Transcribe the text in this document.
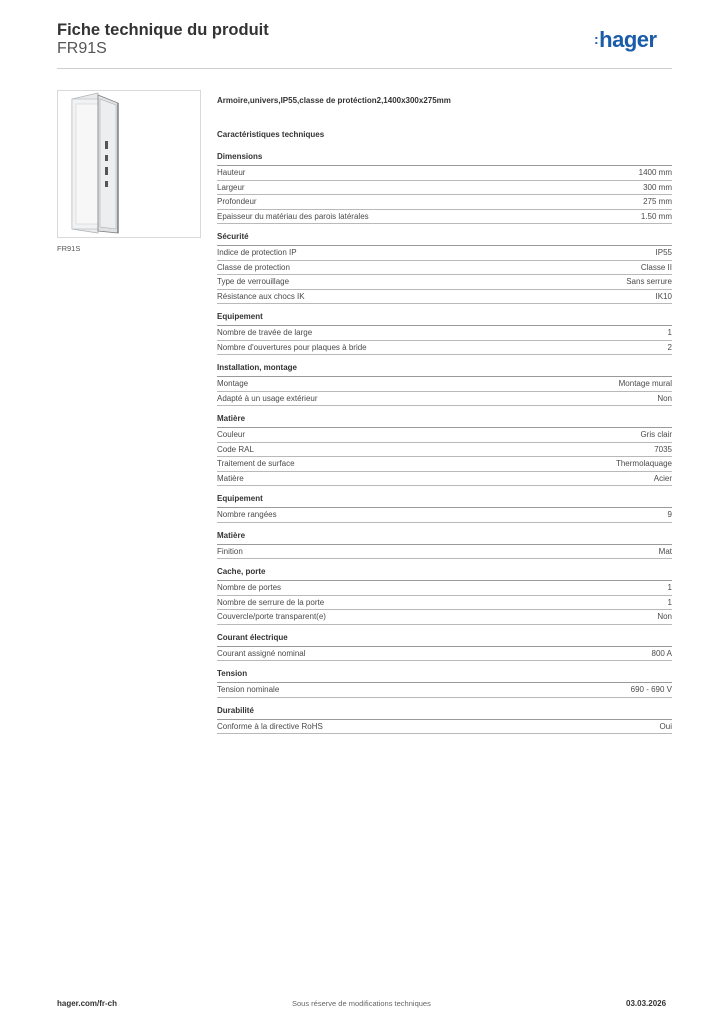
Fiche technique du produit
FR91S
:hager
FR91S
Armoire,univers,IP55,classe de protéction2,1400x300x275mm
Caractéristiques techniques
Dimensions
Hauteur	1400 mm
Largeur	300 mm
Profondeur	275 mm
Epaisseur du matériau des parois latérales	1.50 mm
Sécurité
Indice de protection IP	IP55
Classe de protection	Classe II
Type de verrouillage	Sans serrure
Résistance aux chocs IK	IK10
Equipement
Nombre de travée de large	1
Nombre d'ouvertures pour plaques à bride	2
Installation, montage
Montage	Montage mural
Adapté à un usage extérieur	Non
Matière
Couleur	Gris clair
Code RAL	7035
Traitement de surface	Thermolaquage
Matière	Acier
Equipement
Nombre rangées	9
Matière
Finition	Mat
Cache, porte
Nombre de portes	1
Nombre de serrure de la porte	1
Couvercle/porte transparent(e)	Non
Courant électrique
Courant assigné nominal	800 A
Tension
Tension nominale	690 - 690 V
Durabilité
Conforme à la directive RoHS	Oui
hager.com/fr-ch	Sous réserve de modifications techniques	03.03.2026
